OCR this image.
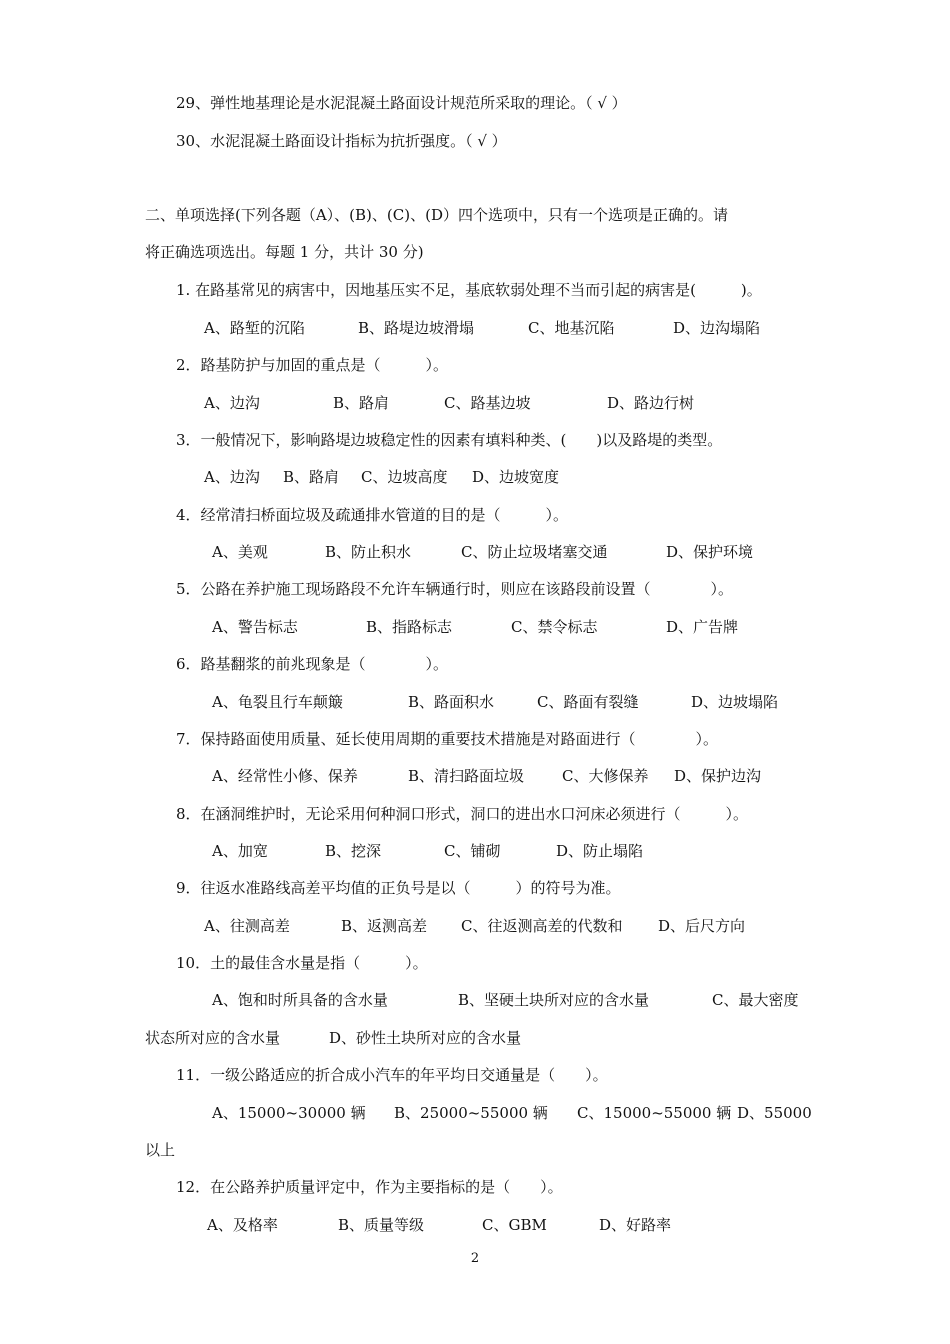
29、弹性地基理论是水泥混凝土路面设计规范所采取的理论。（ √ ）
30、水泥混凝土路面设计指标为抗折强度。（ √ ）
二、单项选择(下列各题（A）、(B)、(C)、(D）四个选项中，只有一个选项是正确的。请
将正确选项选出。每题 1 分，共计 30 分)
1. 在路基常见的病害中，因地基压实不足，基底软弱处理不当而引起的病害是(　　　)。
A、路堑的沉陷	B、路堤边坡滑塌	C、地基沉陷	D、边沟塌陷
2．路基防护与加固的重点是（　　　）。
A、边沟	B、路肩	C、路基边坡	D、路边行树
3．一般情况下，影响路堤边坡稳定性的因素有填料种类、(　　)以及路堤的类型。
A、边沟 B、路肩 C、边坡高度 D、边坡宽度
4．经常清扫桥面垃圾及疏通排水管道的目的是（　　　）。
A、美观	B、防止积水	C、防止垃圾堵塞交通	D、保护环境
5．公路在养护施工现场路段不允许车辆通行时，则应在该路段前设置（　　　　）。
A、警告标志	B、指路标志	C、禁令标志	D、广告牌
6．路基翻浆的前兆现象是（　　　　）。
A、龟裂且行车颠簸	B、路面积水	C、路面有裂缝	D、边坡塌陷
7．保持路面使用质量、延长使用周期的重要技术措施是对路面进行（　　　　）。
A、经常性小修、保养	B、清扫路面垃圾	C、大修保养 D、保护边沟
8．在涵洞维护时，无论采用何种洞口形式，洞口的进出水口河床必须进行（　　　）。
A、加宽	B、挖深	C、铺砌	D、防止塌陷
9．往返水准路线高差平均值的正负号是以（　　　）的符号为准。
A、往测高差	B、返测高差 C、往返测高差的代数和 D、后尺方向
10．土的最佳含水量是指（　　　）。
A、饱和时所具备的含水量	B、坚硬土块所对应的含水量	C、最大密度
状态所对应的含水量	D、砂性土块所对应的含水量
11．一级公路适应的折合成小汽车的年平均日交通量是（　　）。
A、15000~30000 辆 B、25000~55000 辆 C、15000~55000 辆 D、55000
以上
12．在公路养护质量评定中，作为主要指标的是（　　）。
A、及格率	B、质量等级	C、GBM	D、好路率
2
